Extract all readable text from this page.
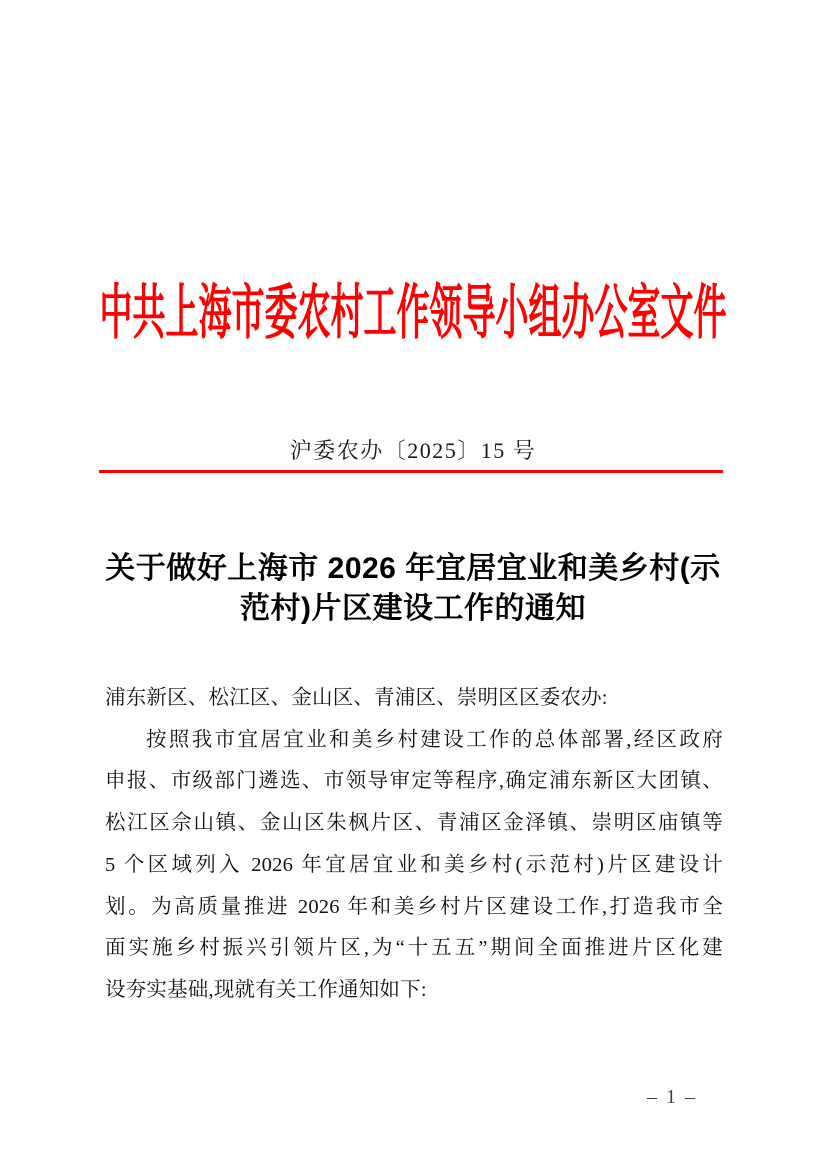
中共上海市委农村工作领导小组办公室文件
沪委农办〔2025〕15 号
关于做好上海市 2026 年宜居宜业和美乡村(示
范村)片区建设工作的通知
浦东新区、松江区、金山区、青浦区、崇明区区委农办:
按照我市宜居宜业和美乡村建设工作的总体部署,经区政府
申报、市级部门遴选、市领导审定等程序,确定浦东新区大团镇、
松江区佘山镇、金山区朱枫片区、青浦区金泽镇、崇明区庙镇等
5 个区域列入 2026 年宜居宜业和美乡村(示范村)片区建设计
划。为高质量推进 2026 年和美乡村片区建设工作,打造我市全
面实施乡村振兴引领片区,为“十五五”期间全面推进片区化建
设夯实基础,现就有关工作通知如下:
– 1 –
